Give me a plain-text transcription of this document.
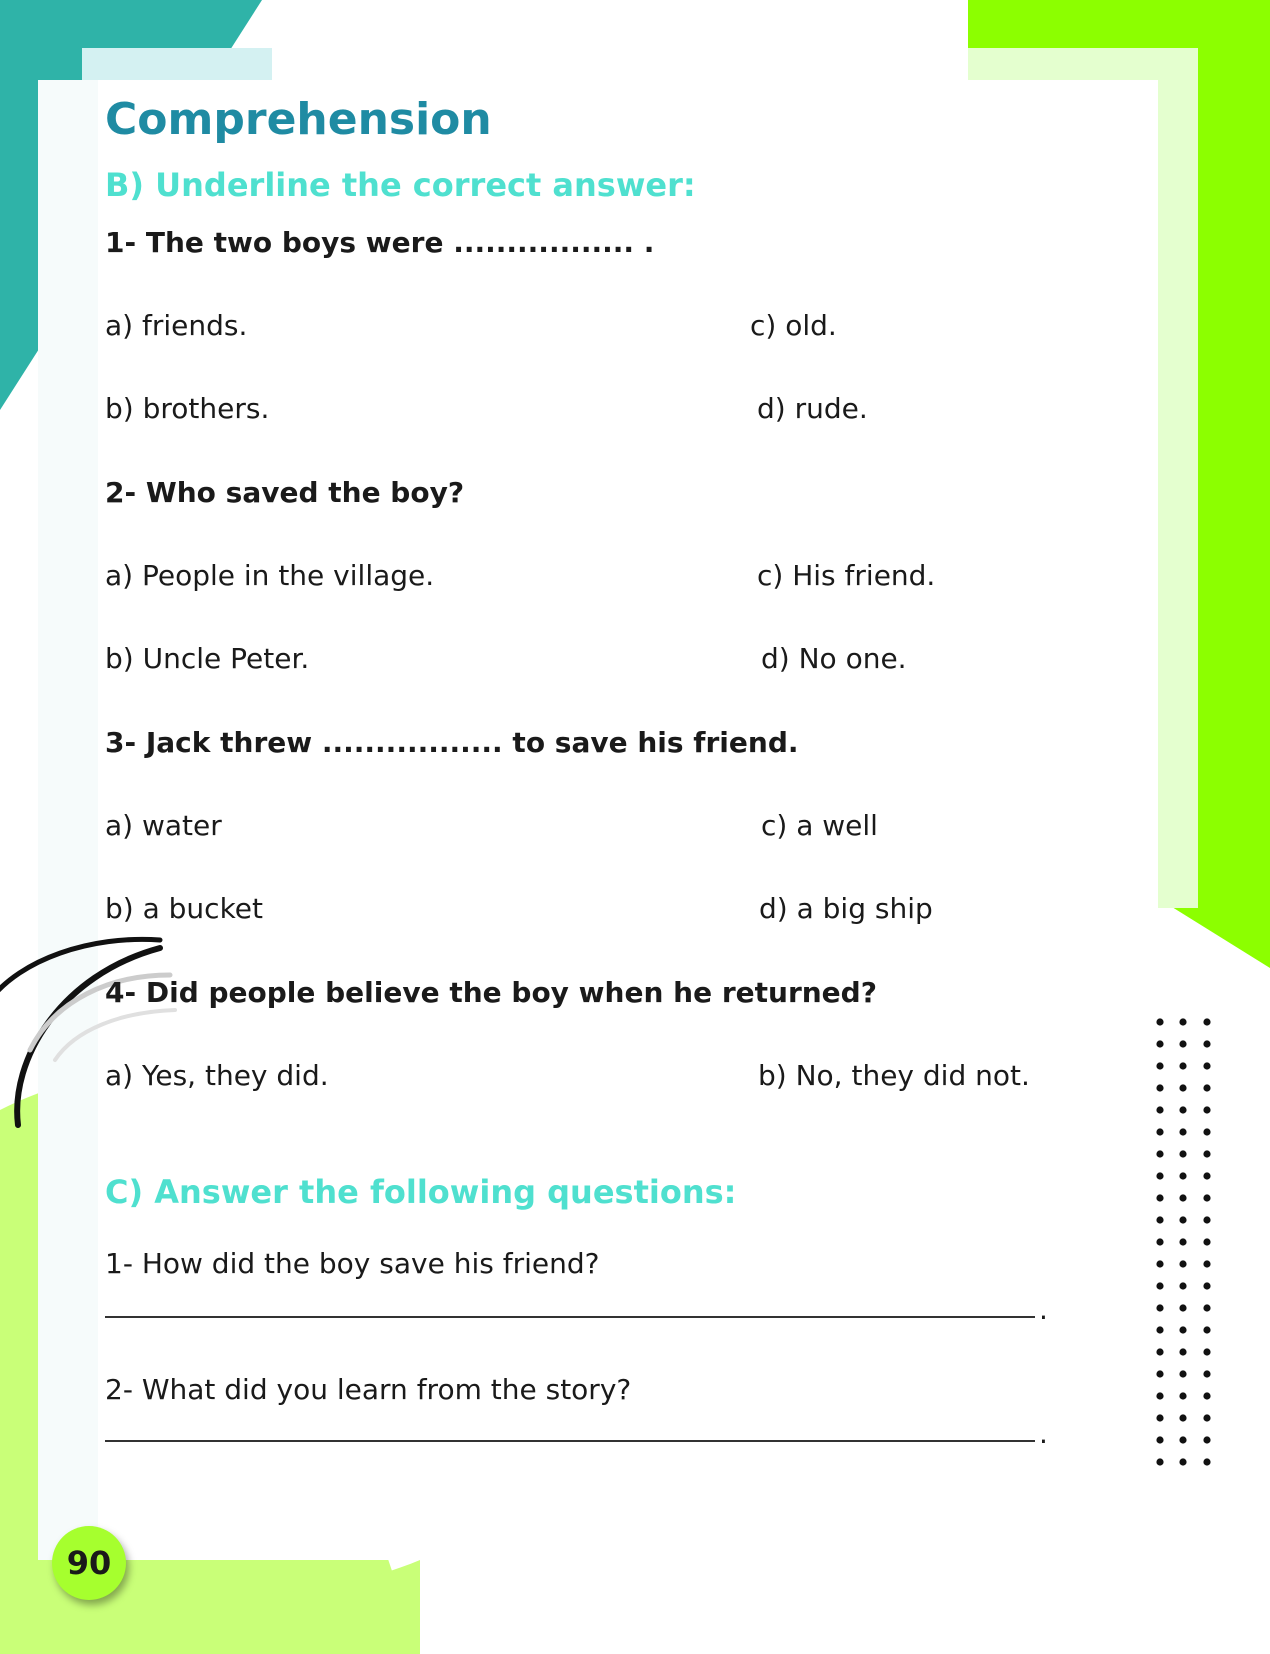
Comprehension
B) Underline the correct answer:
1- The two boys were ................. .
a) friends.	c) old.
b) brothers.	d) rude.
2- Who saved the boy?
a) People in the village.	c) His friend.
b) Uncle Peter.	d) No one.
3- Jack threw ................. to save his friend.
a) water	c) a well
b) a bucket	d) a big ship
4- Did people believe the boy when he returned?
a) Yes, they did.	b) No, they did not.
C) Answer the following questions:
1- How did the boy save his friend?
.
2- What did you learn from the story?
.
90
